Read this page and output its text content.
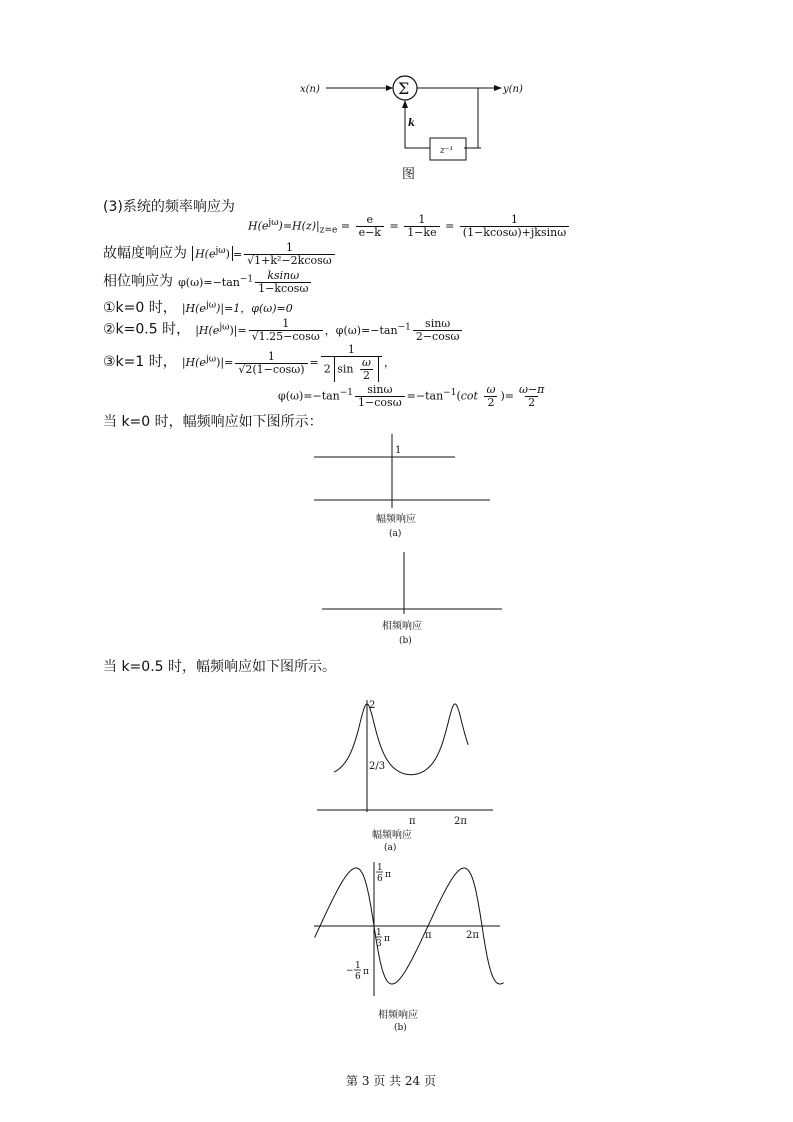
x(n)	Σ	y(n)
z⁻¹
k
图
(3)系统的频率响应为
$H(e^{j\omega})=H(z)|_{z=e} = \frac{e}{e-k} = \frac{1}{1-ke} = \frac{1}{(1-kcos\omega)+jksin\omega}$
故幅度响应为 $H(e^{j\omega}) = \frac{1}{\text{√1+k²−2kcosω}}$
相位响应为 $\varphi(\omega)=-\tan^{-1} \frac{ksin\omega}{1-kcos\omega}$
①k=0 时， $|H(e^{j\omega})|=1$，φ(ω)=0
②k=0.5 时， $|H(e^{j\omega})|= \frac{1}{√1.25-\cos\omega}$ ，$\varphi(\omega)=-\tan^{-1} \frac{\sin\omega}{2-\cos\omega}$
③k=1 时， $|H(e^{j\omega})|= \frac{1}{√2(1-\cos\omega)} = \frac{1}{2 \sin \frac{\omega}{2}}$ ，
$\varphi(\omega)=-\tan^{-1} \frac{\sin\omega}{1-\cos\omega} =-\tan^{-1}(\cot \frac{\omega}{2}$ )= $\frac{\omega-\pi}{2}$
当 k=0 时，幅频响应如下图所示：
1
幅频响应
(a)
相频响应
(b)
当 k=0.5 时，幅频响应如下图所示。
2
2/3
π	2π
幅频响应
(a)
1
6 π
1
3 π	π	2π
− 1
6 π
相频响应
(b)
第 3 页 共 24 页
